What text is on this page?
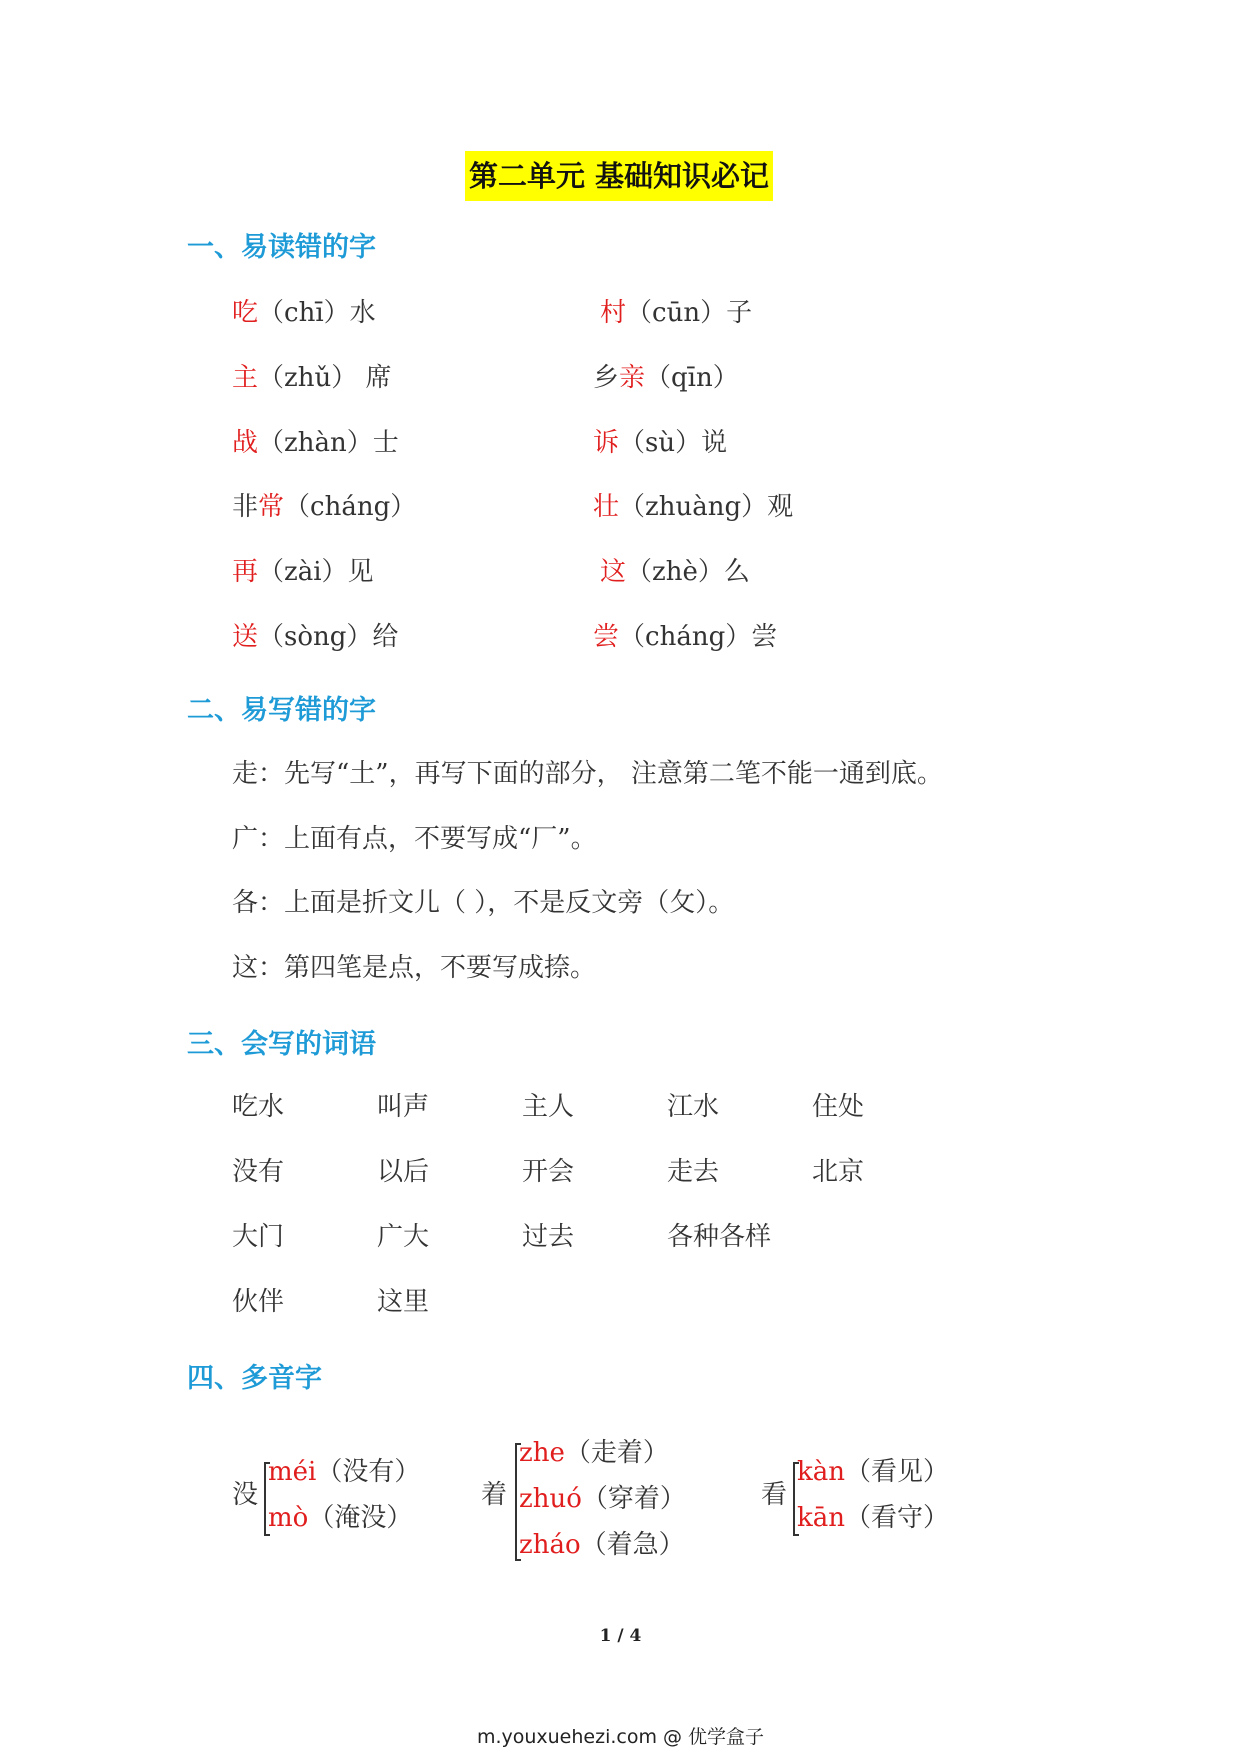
第二单元 基础知识必记
一、易读错的字
吃（chī）水	村（cūn）子
主（zhǔ） 席	乡亲（qīn）
战（zhàn）士	诉（sù）说
非常（cháng）	壮（zhuàng）观
再（zài）见	这（zhè）么
送（sòng）给	尝（cháng）尝
二、易写错的字
走：先写“土”，再写下面的部分， 注意第二笔不能一通到底。
广：上面有点，不要写成“厂”。
各：上面是折文儿（ ），不是反文旁（攵）。
这：第四笔是点，不要写成捺。
三、会写的词语
吃水	叫声	主人	江水	住处
没有	以后	开会	走去	北京
大门	广大	过去	各种各样
伙伴	这里
四、多音字
没
méi（没有）
mò（淹没）
着
zhe（走着）
zhuó（穿着）
zháo（着急）
看
kàn（看见）
kān（看守）
1 / 4
m.youxuehezi.com @ 优学盒子
